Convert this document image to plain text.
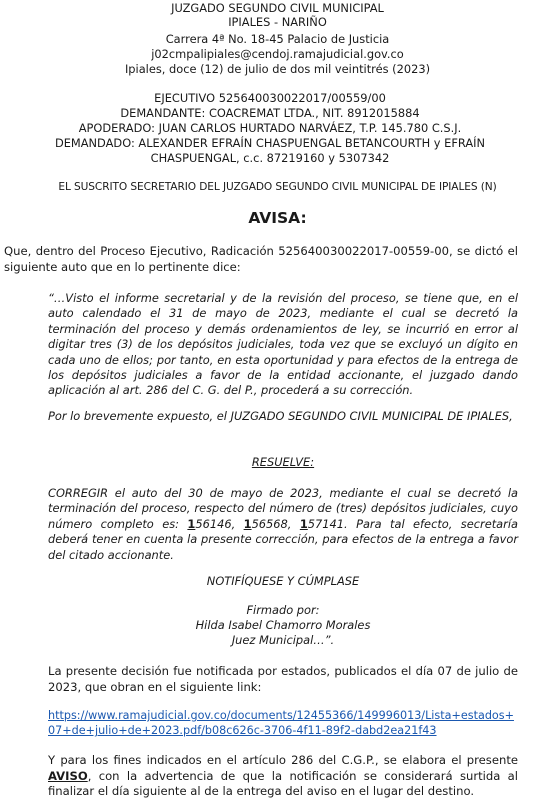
JUZGADO SEGUNDO CIVIL MUNICIPAL
IPIALES - NARIÑO
Carrera 4ª No. 18-45 Palacio de Justicia
j02cmpalipiales@cendoj.ramajudicial.gov.co
Ipiales, doce (12) de julio de dos mil veintitrés (2023)
EJECUTIVO 525640030022017/00559/00
DEMANDANTE: COACREMAT LTDA., NIT. 8912015884
APODERADO: JUAN CARLOS HURTADO NARVÁEZ, T.P. 145.780 C.S.J.
DEMANDADO: ALEXANDER EFRAÍN CHASPUENGAL BETANCOURTH y EFRAÍN
CHASPUENGAL, c.c. 87219160 y 5307342
EL SUSCRITO SECRETARIO DEL JUZGADO SEGUNDO CIVIL MUNICIPAL DE IPIALES (N)
AVISA:
Que, dentro del Proceso Ejecutivo, Radicación 525640030022017-00559-00, se dictó el siguiente auto que en lo pertinente dice:
“…Visto el informe secretarial y de la revisión del proceso, se tiene que, en el auto calendado el 31 de mayo de 2023, mediante el cual se decretó la terminación del proceso y demás ordenamientos de ley, se incurrió en error al digitar tres (3) de los depósitos judiciales, toda vez que se excluyó un dígito en cada uno de ellos; por tanto, en esta oportunidad y para efectos de la entrega de los depósitos judiciales a favor de la entidad accionante, el juzgado dando aplicación al art. 286 del C. G. del P., procederá a su corrección.
Por lo brevemente expuesto, el JUZGADO SEGUNDO CIVIL MUNICIPAL DE IPIALES,
RESUELVE:
CORREGIR el auto del 30 de mayo de 2023, mediante el cual se decretó la terminación del proceso, respecto del número de (tres) depósitos judiciales, cuyo número completo es: 156146, 156568, 157141. Para tal efecto, secretaría deberá tener en cuenta la presente corrección, para efectos de la entrega a favor del citado accionante.
NOTIFÍQUESE Y CÚMPLASE
Firmado por:
Hilda Isabel Chamorro Morales
Juez Municipal…”.
La presente decisión fue notificada por estados, publicados el día 07 de julio de 2023, que obran en el siguiente link:
https://www.ramajudicial.gov.co/documents/12455366/149996013/Lista+estados+07+de+julio+de+2023.pdf/b08c626c-3706-4f11-89f2-dabd2ea21f43
Y para los fines indicados en el artículo 286 del C.G.P., se elabora el presente AVISO, con la advertencia de que la notificación se considerará surtida al finalizar el día siguiente al de la entrega del aviso en el lugar del destino.
